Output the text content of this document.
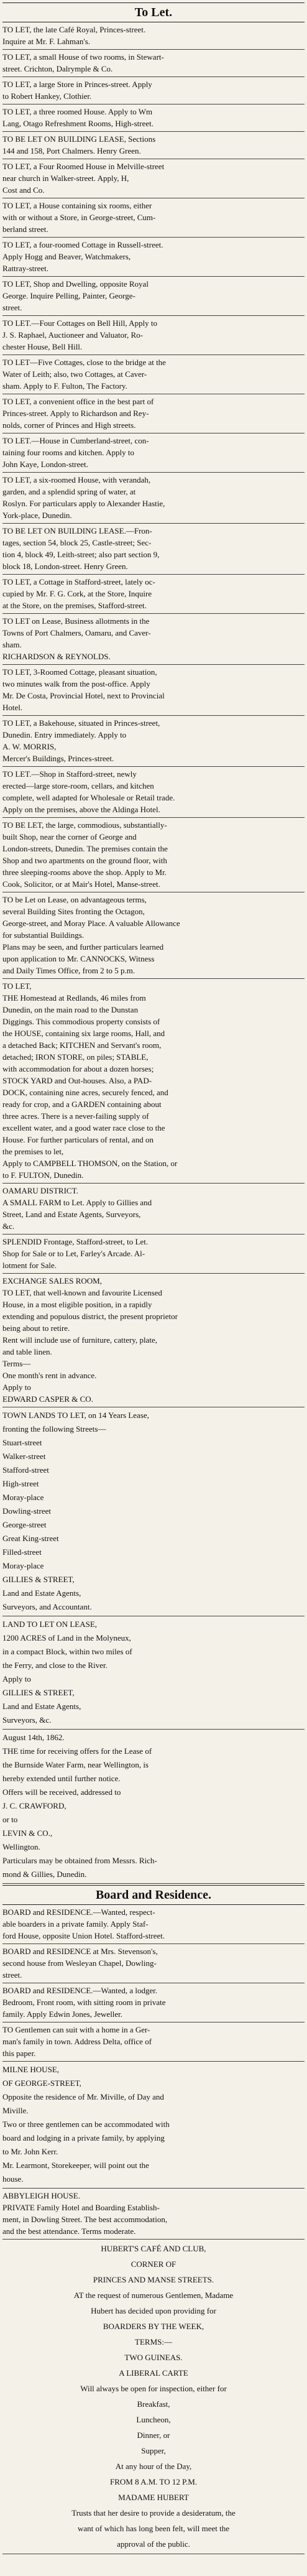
To Let.

TO LET, the late Café Royal, Princes-street.
Inquire at Mr. F. Lahman's.

TO LET, a small House of two rooms, in Stewart-
street. Crichton, Dalrymple & Co.

TO LET, a large Store in Princes-street. Apply
to Robert Hankey, Clothier.

TO LET, a three roomed House. Apply to Wm
Lang, Otago Refreshment Rooms, High-street.

TO BE LET ON BUILDING LEASE, Sections
144 and 158, Port Chalmers. Henry Green.

TO LET, a Four Roomed House in Melville-street
near church in Walker-street. Apply, H,
Cost and Co.

TO LET, a House containing six rooms, either
with or without a Store, in George-street, Cum-
berland street.

TO LET, a four-roomed Cottage in Russell-street.
Apply Hogg and Beaver, Watchmakers,
Rattray-street.

TO LET, Shop and Dwelling, opposite Royal
George. Inquire Pelling, Painter, George-
street.

TO LET.—Four Cottages on Bell Hill, Apply to
J. S. Raphael, Auctioneer and Valuator, Ro-
chester House, Bell Hill.

TO LET—Five Cottages, close to the bridge at the
Water of Leith; also, two Cottages, at Caver-
sham. Apply to F. Fulton, The Factory.

TO LET, a convenient office in the best part of
Princes-street. Apply to Richardson and Rey-
nolds, corner of Princes and High streets.

TO LET.—House in Cumberland-street, con-
taining four rooms and kitchen. Apply to
John Kaye, London-street.

TO LET, a six-roomed House, with verandah,
garden, and a splendid spring of water, at
Roslyn. For particulars apply to Alexander Hastie,
York-place, Dunedin.

TO BE LET ON BUILDING LEASE.—Fron-
tages, section 54, block 25, Castle-street; Sec-
tion 4, block 49, Leith-street; also part section 9,
block 18, London-street. Henry Green.

TO LET, a Cottage in Stafford-street, lately oc-
cupied by Mr. F. G. Cork, at the Store, Inquire
at the Store, on the premises, Stafford-street.

TO LET on Lease, Business allotments in the
Towns of Port Chalmers, Oamaru, and Caver-
sham.
RICHARDSON & REYNOLDS.

TO LET, 3-Roomed Cottage, pleasant situation,
two minutes walk from the post-office. Apply
Mr. De Costa, Provincial Hotel, next to Provincial
Hotel.

TO LET, a Bakehouse, situated in Princes-street,
Dunedin. Entry immediately. Apply to
A. W. MORRIS,
Mercer's Buildings, Princes-street.

TO LET.—Shop in Stafford-street, newly
erected—large store-room, cellars, and kitchen
complete, well adapted for Wholesale or Retail trade.
Apply on the premises, above the Aldinga Hotel.

TO BE LET, the large, commodious, substantially-
built Shop, near the corner of George and
London-streets, Dunedin. The premises contain the
Shop and two apartments on the ground floor, with
three sleeping-rooms above the shop. Apply to Mr.
Cook, Solicitor, or at Mair's Hotel, Manse-street.

TO be Let on Lease, on advantageous terms,
several Building Sites fronting the Octagon,
George-street, and Moray Place. A valuable Allowance
for substantial Buildings.
Plans may be seen, and further particulars learned
upon application to Mr. CANNOCKS, Witness
and Daily Times Office, from 2 to 5 p.m.

TO LET,
THE Homestead at Redlands, 46 miles from
Dunedin, on the main road to the Dunstan
Diggings. This commodious property consists of
the HOUSE, containing six large rooms, Hall, and
a detached Back; KITCHEN and Servant's room,
detached; IRON STORE, on piles; STABLE,
with accommodation for about a dozen horses;
STOCK YARD and Out-houses. Also, a PAD-
DOCK, containing nine acres, securely fenced, and
ready for crop, and a GARDEN containing about
three acres. There is a never-failing supply of
excellent water, and a good water race close to the
House. For further particulars of rental, and on
the premises to let,
Apply to CAMPBELL THOMSON, on the Station, or
to F. FULTON, Dunedin.

OAMARU DISTRICT.
A SMALL FARM to Let. Apply to Gillies and
Street, Land and Estate Agents, Surveyors,
&c.

SPLENDID Frontage, Stafford-street, to Let.
Shop for Sale or to Let, Farley's Arcade. Al-
lotment for Sale.

EXCHANGE SALES ROOM,
TO LET, that well-known and favourite Licensed
House, in a most eligible position, in a rapidly
extending and populous district, the present proprietor
being about to retire.
Rent will include use of furniture, cattery, plate,
and table linen.
Terms—
One month's rent in advance.
Apply to
EDWARD CASPER & CO.

TOWN LANDS TO LET, on 14 Years Lease,
fronting the following Streets—
Stuart-street
Walker-street
Stafford-street
High-street
Moray-place
Dowling-street
George-street
Great King-street
Filled-street
Moray-place
GILLIES & STREET,
Land and Estate Agents,
Surveyors, and Accountant.

LAND TO LET ON LEASE,
1200 ACRES of Land in the Molyneux,
in a compact Block, within two miles of
the Ferry, and close to the River.
Apply to
GILLIES & STREET,
Land and Estate Agents,
Surveyors, &c.

August 14th, 1862.
THE time for receiving offers for the Lease of
the Burnside Water Farm, near Wellington, is
hereby extended until further notice.
Offers will be received, addressed to
J. C. CRAWFORD,
or to
LEVIN & CO.,
Wellington.
Particulars may be obtained from Messrs. Rich-
mond & Gillies, Dunedin.

Board and Residence.

BOARD and RESIDENCE.—Wanted, respect-
able boarders in a private family. Apply Staf-
ford House, opposite Union Hotel. Stafford-street.

BOARD and RESIDENCE at Mrs. Stevenson's,
second house from Wesleyan Chapel, Dowling-
street.

BOARD and RESIDENCE.—Wanted, a lodger.
Bedroom, Front room, with sitting room in private
family. Apply Edwin Jones, Jeweller.

TO Gentlemen can suit with a home in a Ger-
man's family in town. Address Delta, office of
this paper.

MILNE HOUSE,
OF GEORGE-STREET,
Opposite the residence of Mr. Miville, of Day and
Miville.
Two or three gentlemen can be accommodated with
board and lodging in a private family, by applying
to Mr. John Kerr.
Mr. Learmont, Storekeeper, will point out the
house.

ABBYLEIGH HOUSE.
PRIVATE Family Hotel and Boarding Establish-
ment, in Dowling Street. The best accommodation,
and the best attendance. Terms moderate.

HUBERT'S CAFÉ AND CLUB,
CORNER OF
PRINCES AND MANSE STREETS.
AT the request of numerous Gentlemen, Madame
Hubert has decided upon providing for
BOARDERS BY THE WEEK,
TERMS:—
TWO GUINEAS.
A LIBERAL CARTE
Will always be open for inspection, either for
Breakfast,
Luncheon,
Dinner, or
Supper,
At any hour of the Day,
FROM 8 A.M. TO 12 P.M.
MADAME HUBERT
Trusts that her desire to provide a desideratum, the
want of which has long been felt, will meet the
approval of the public.
